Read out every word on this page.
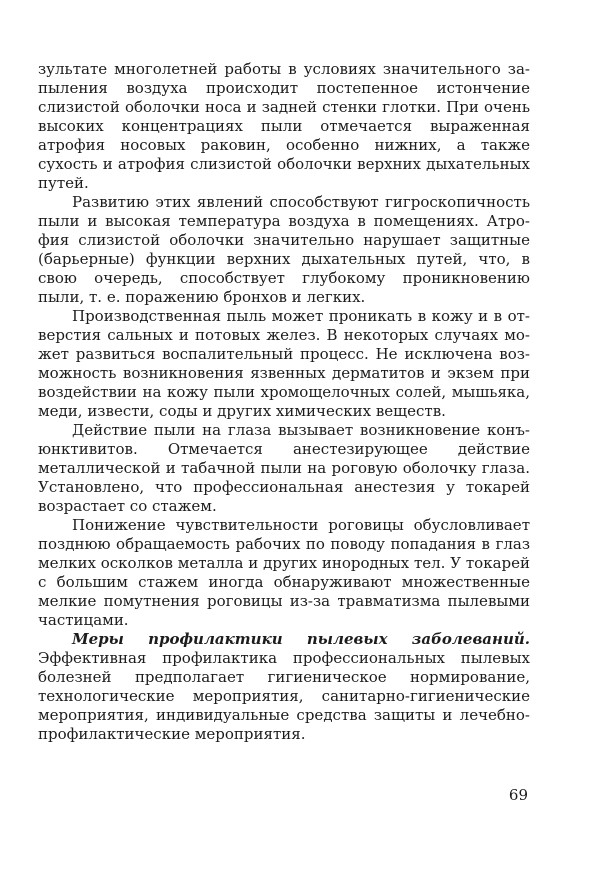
зультате многолетней работы в условиях значительного запыления воздуха происходит постепенное истончение слизистой оболочки носа и задней стенки глотки. При очень высоких концентрациях пыли отмечается выраженная атрофия носовых раковин, особенно нижних, а также сухость и атрофия слизистой оболочки верхних дыхательных путей.

Развитию этих явлений способствуют гигроскопичность пыли и высокая температура воздуха в помещениях. Атрофия слизистой оболочки значительно нарушает защитные (барьерные) функции верхних дыхательных путей, что, в свою очередь, способствует глубокому проникновению пыли, т. е. поражению бронхов и легких.

Производственная пыль может проникать в кожу и в отверстия сальных и потовых желез. В некоторых случаях может развиться воспалительный процесс. Не исключена возможность возникновения язвенных дерматитов и экзем при воздействии на кожу пыли хромощелочных солей, мышьяка, меди, извести, соды и других химических веществ.

Действие пыли на глаза вызывает возникновение конъюнктивитов. Отмечается анестезирующее действие металлической и табачной пыли на роговую оболочку глаза. Установлено, что профессиональная анестезия у токарей возрастает со стажем.

Понижение чувствительности роговицы обусловливает позднюю обращаемость рабочих по поводу попадания в глаз мелких осколков металла и других инородных тел. У токарей с большим стажем иногда обнаруживают множественные мелкие помутнения роговицы из-за травматизма пылевыми частицами.

Меры профилактики пылевых заболеваний. Эффективная профилактика профессиональных пылевых болезней предполагает гигиеническое нормирование, технологические мероприятия, санитарно-гигиенические мероприятия, индивидуальные средства защиты и лечебно-профилактические мероприятия.

69
